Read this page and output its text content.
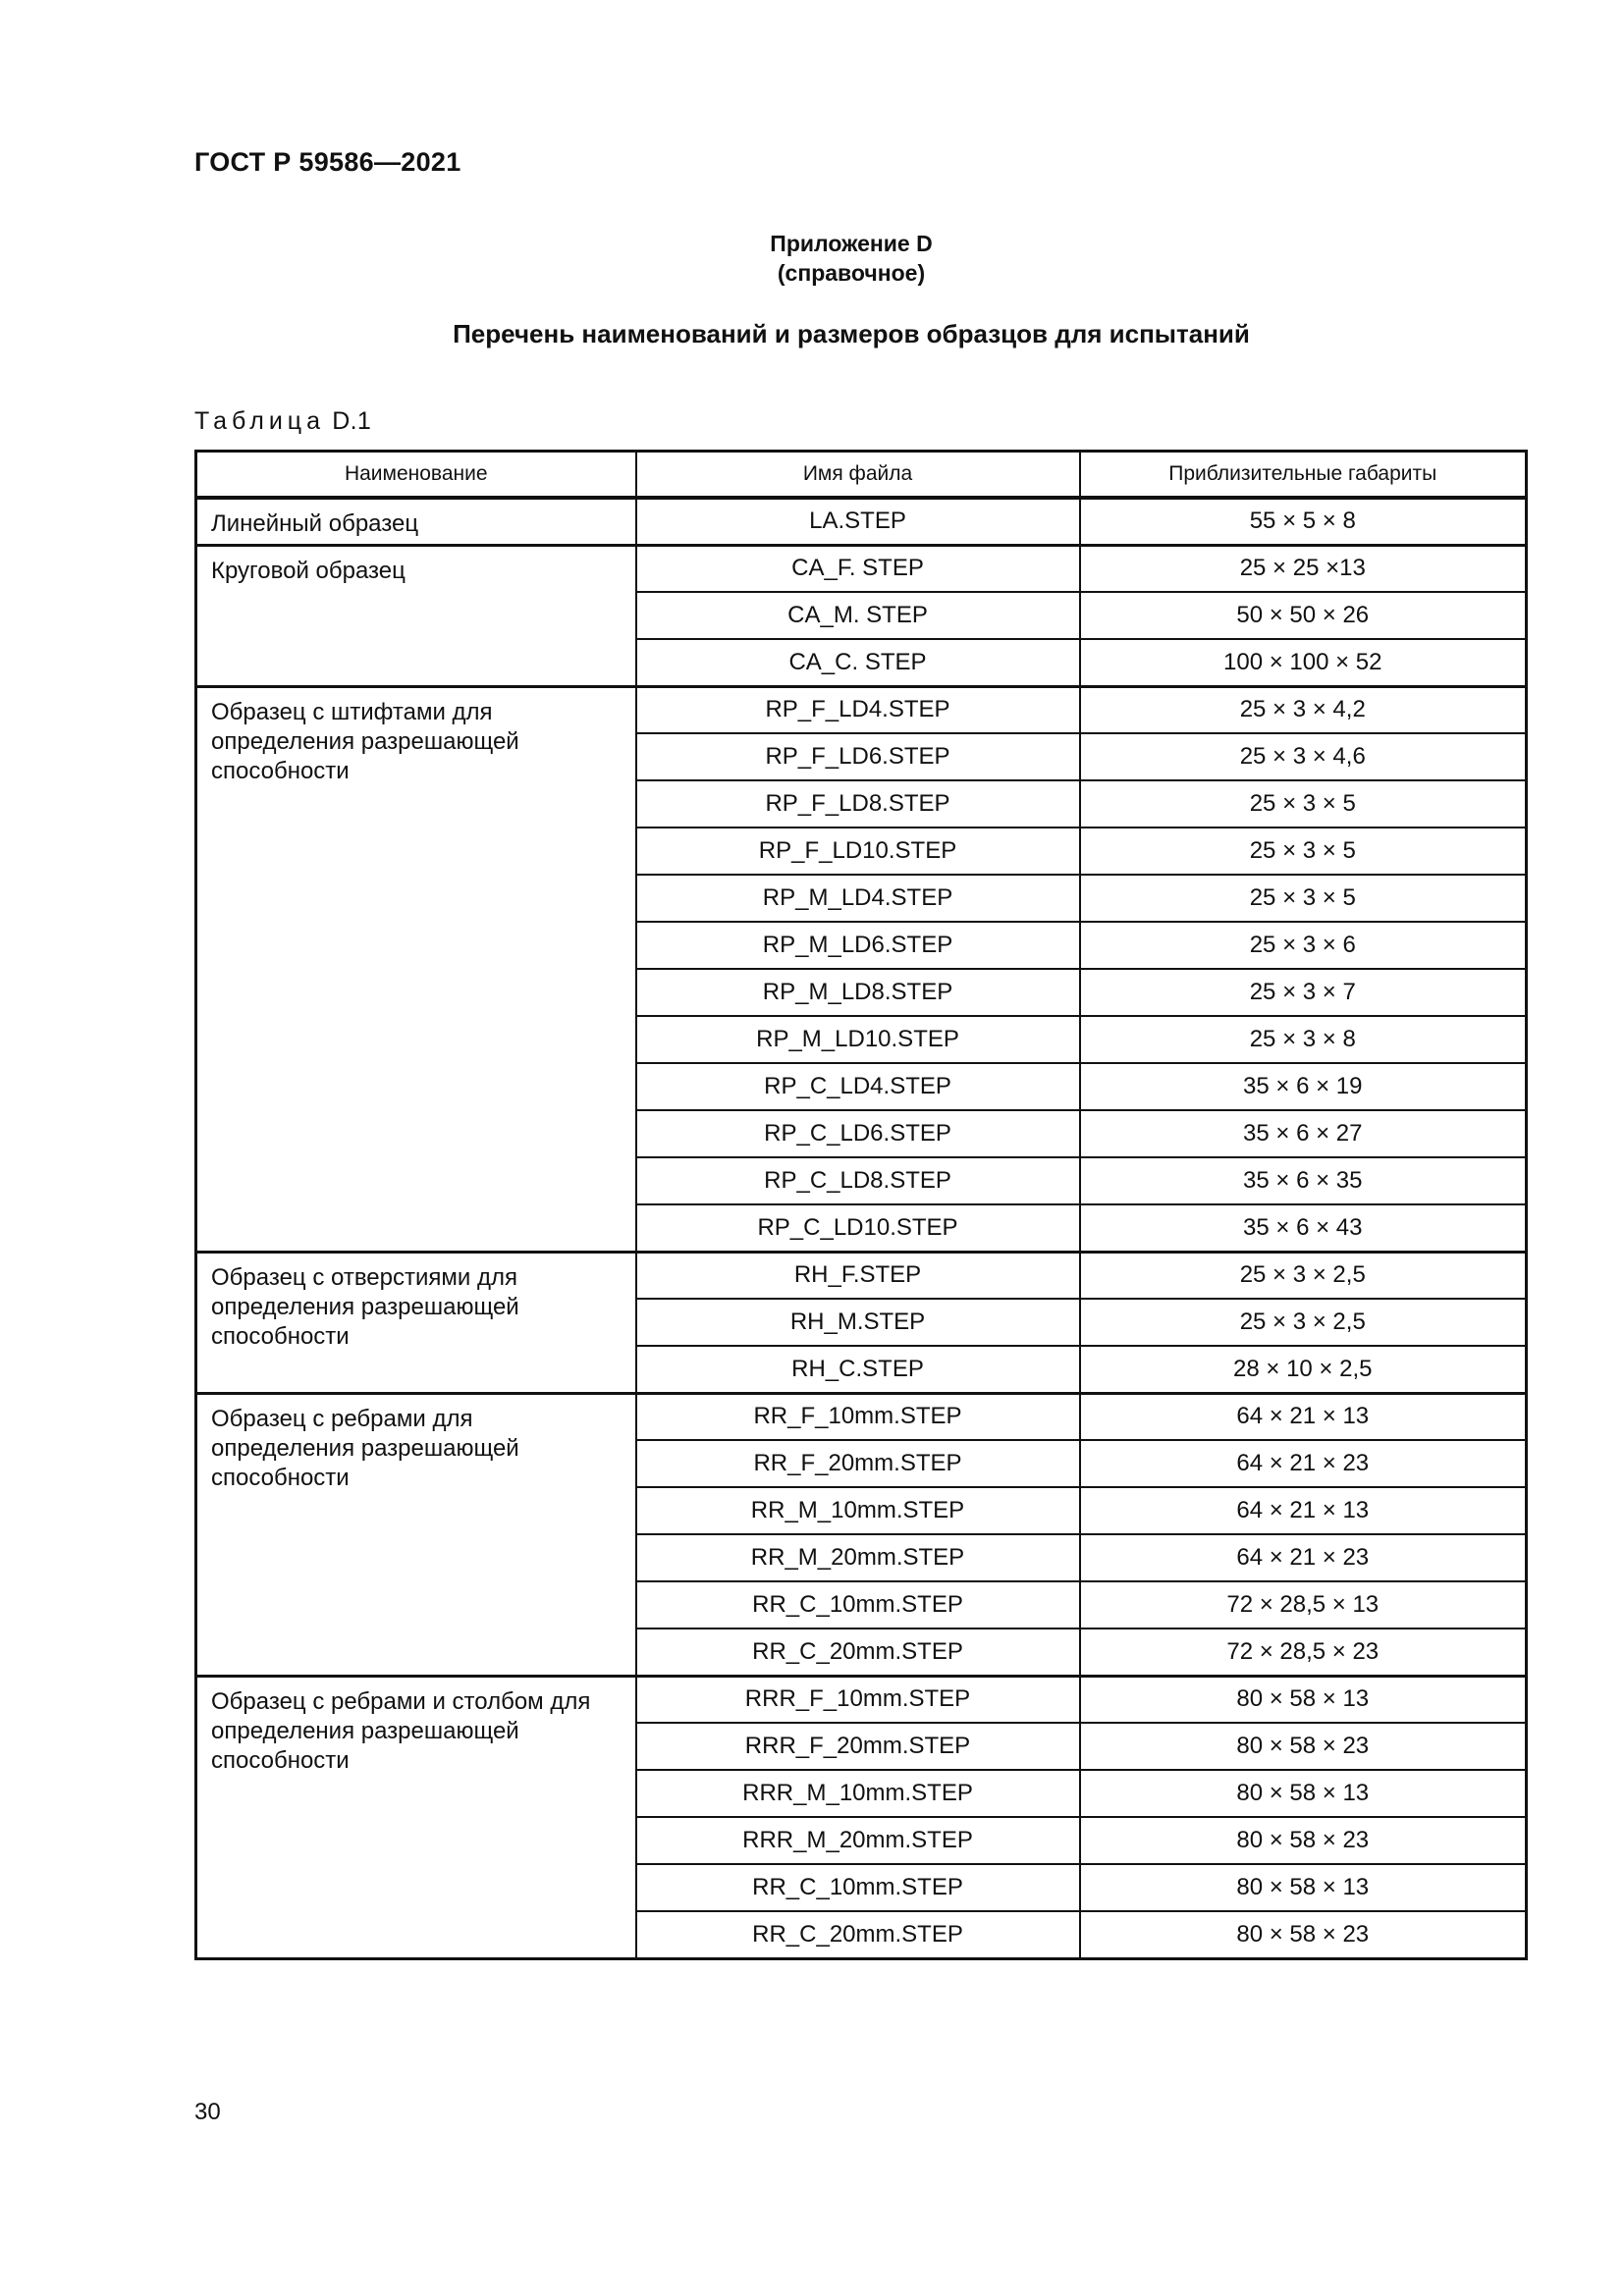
ГОСТ Р 59586—2021
Приложение D
(справочное)
Перечень наименований и размеров образцов для испытаний
Таблица D.1
Наименование	Имя файла	Приблизительные габариты
Линейный образец	LA.STEP	55 × 5 × 8
Круговой образец	CA_F. STEP	25 × 25 ×13
	CA_M. STEP	50 × 50 × 26
	CA_C. STEP	100 × 100 × 52
Образец с штифтами для определения разрешающей способности	RP_F_LD4.STEP	25 × 3 × 4,2
	RP_F_LD6.STEP	25 × 3 × 4,6
	RP_F_LD8.STEP	25 × 3 × 5
	RP_F_LD10.STEP	25 × 3 × 5
	RP_M_LD4.STEP	25 × 3 × 5
	RP_M_LD6.STEP	25 × 3 × 6
	RP_M_LD8.STEP	25 × 3 × 7
	RP_M_LD10.STEP	25 × 3 × 8
	RP_C_LD4.STEP	35 × 6 × 19
	RP_C_LD6.STEP	35 × 6 × 27
	RP_C_LD8.STEP	35 × 6 × 35
	RP_C_LD10.STEP	35 × 6 × 43
Образец с отверстиями для определения разрешающей способности	RH_F.STEP	25 × 3 × 2,5
	RH_M.STEP	25 × 3 × 2,5
	RH_C.STEP	28 × 10 × 2,5
Образец с ребрами для определения разрешающей способности	RR_F_10mm.STEP	64 × 21 × 13
	RR_F_20mm.STEP	64 × 21 × 23
	RR_M_10mm.STEP	64 × 21 × 13
	RR_M_20mm.STEP	64 × 21 × 23
	RR_C_10mm.STEP	72 × 28,5 × 13
	RR_C_20mm.STEP	72 × 28,5 × 23
Образец с ребрами и столбом для определения разрешающей способности	RRR_F_10mm.STEP	80 × 58 × 13
	RRR_F_20mm.STEP	80 × 58 × 23
	RRR_M_10mm.STEP	80 × 58 × 13
	RRR_M_20mm.STEP	80 × 58 × 23
	RR_C_10mm.STEP	80 × 58 × 13
	RR_C_20mm.STEP	80 × 58 × 23
30
